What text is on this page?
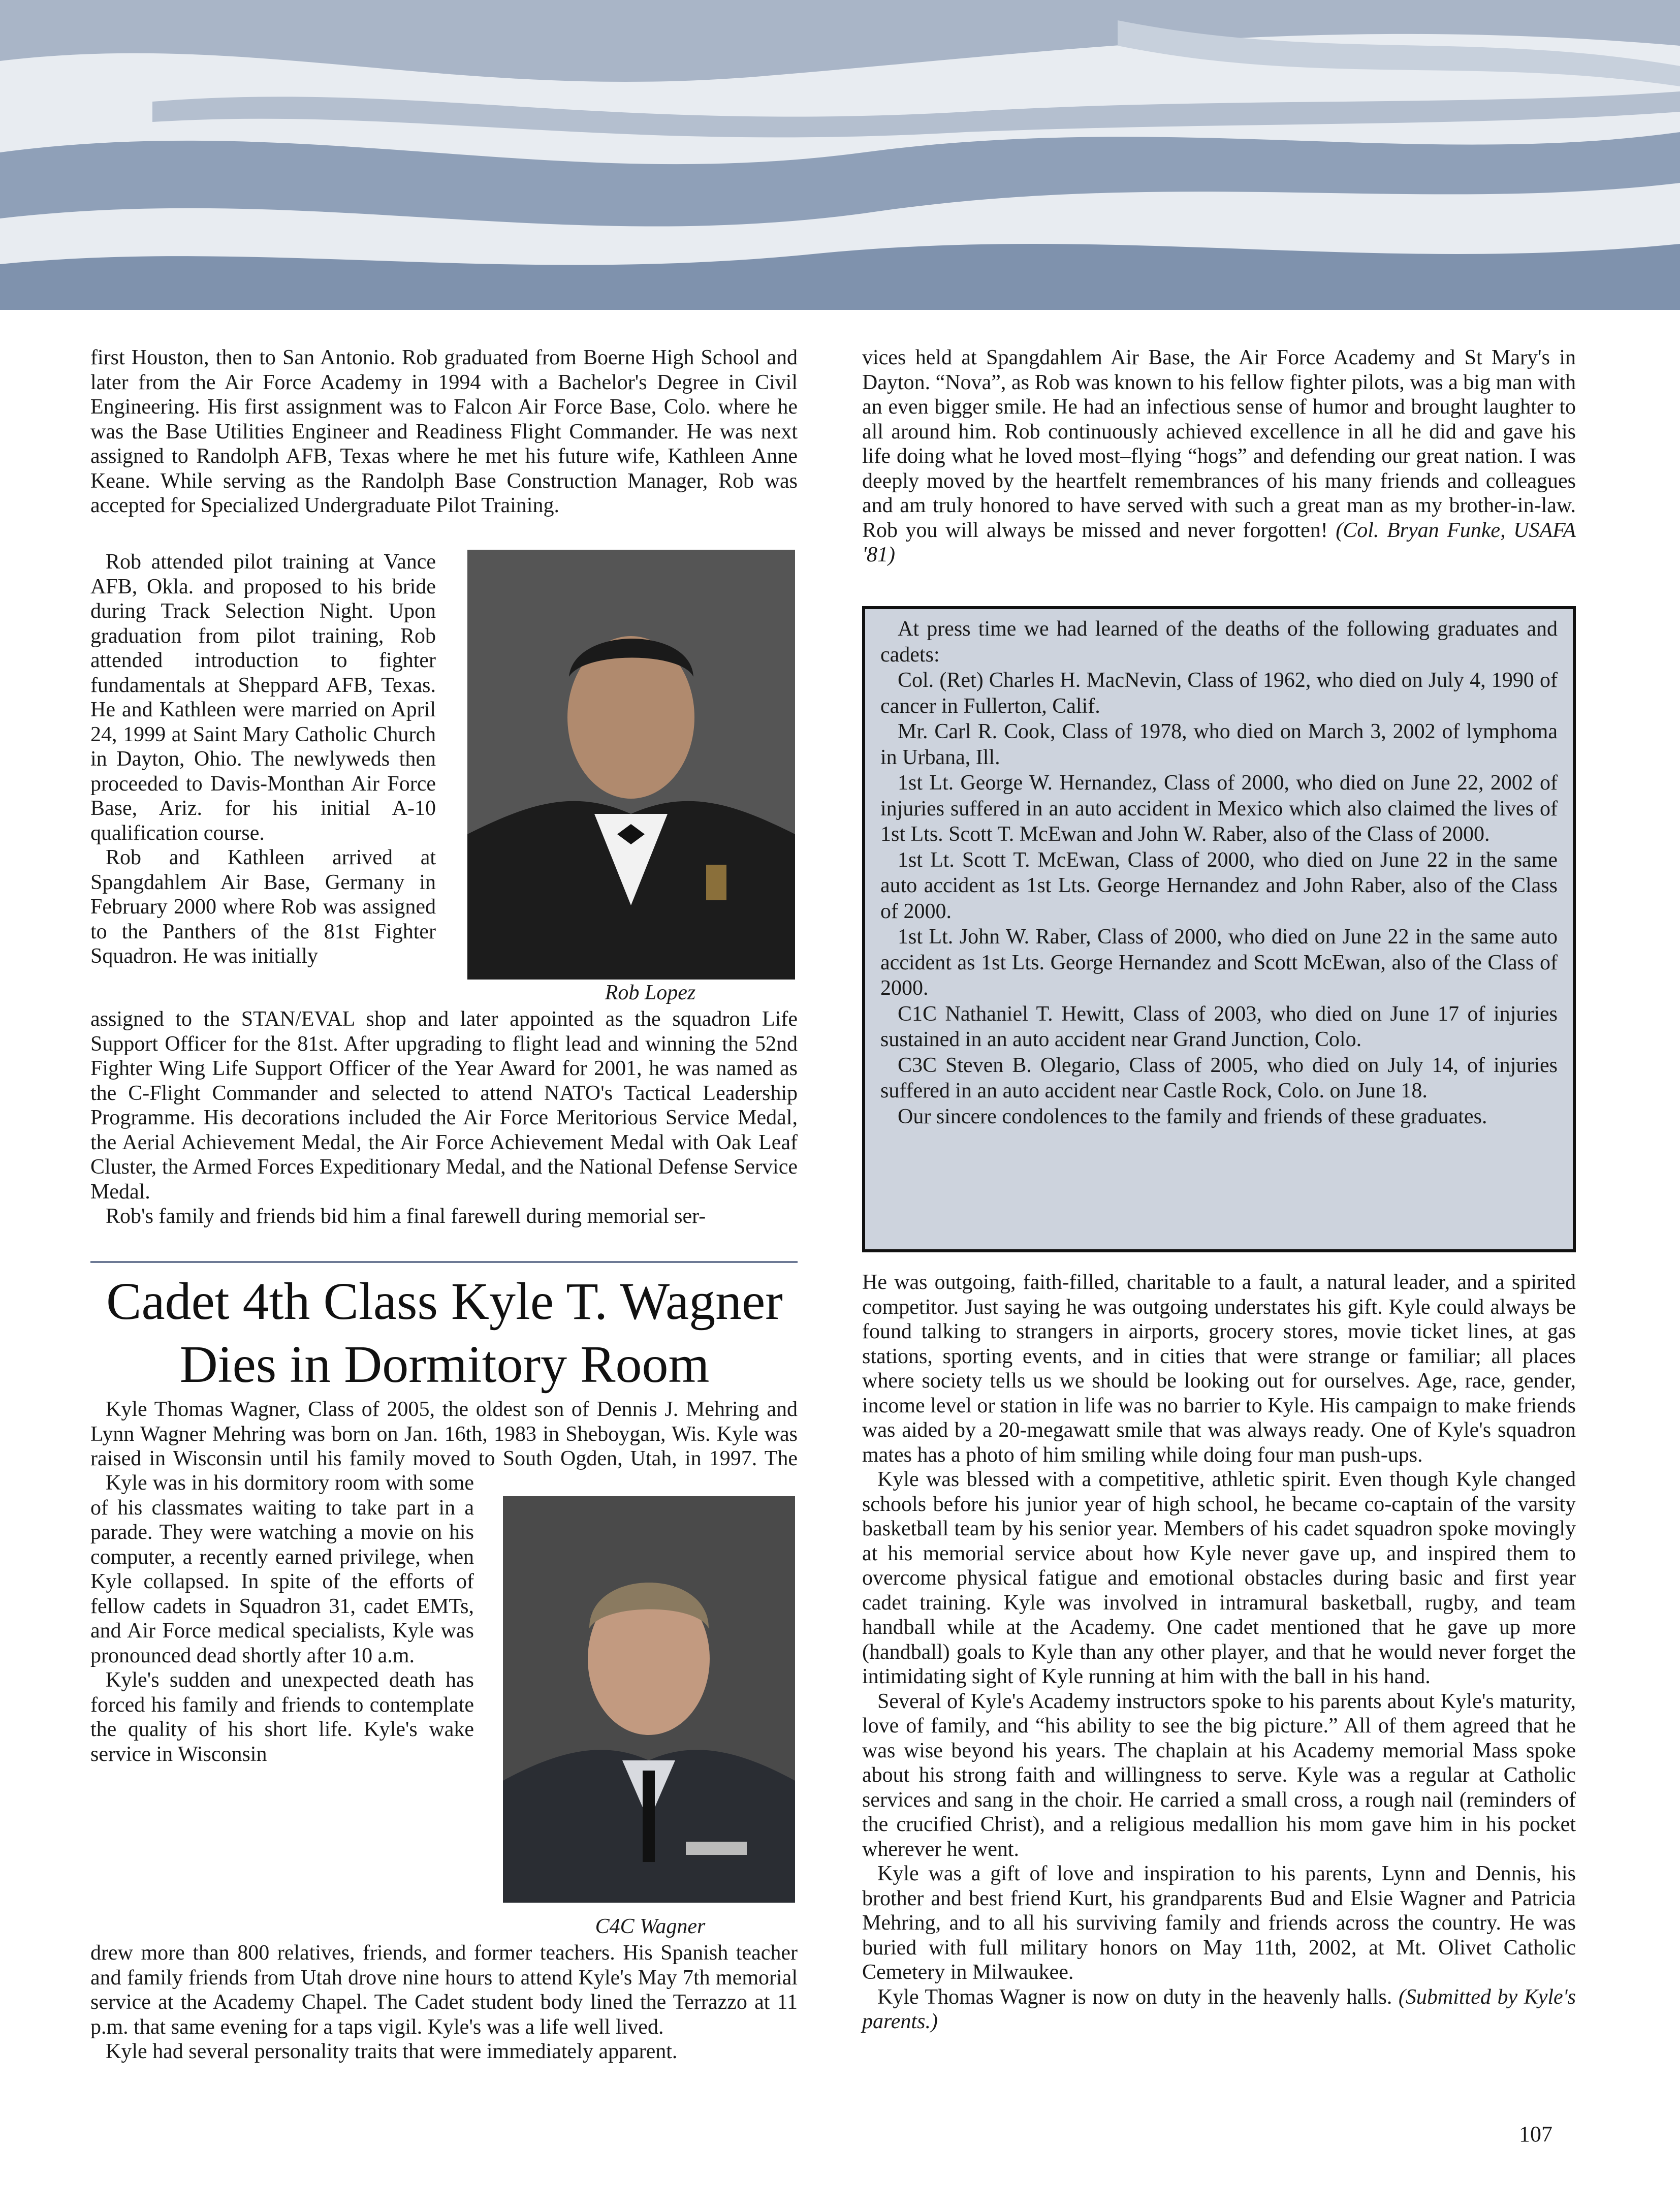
first Houston, then to San Antonio. Rob graduated from Boerne High School and later from the Air Force Academy in 1994 with a Bachelor's Degree in Civil Engineering. His first assignment was to Falcon Air Force Base, Colo. where he was the Base Utilities Engineer and Readiness Flight Commander. He was next assigned to Randolph AFB, Texas where he met his future wife, Kathleen Anne Keane. While serving as the Randolph Base Construction Manager, Rob was accepted for Specialized Undergraduate Pilot Training.

Rob attended pilot training at Vance AFB, Okla. and proposed to his bride during Track Selection Night. Upon graduation from pilot training, Rob attended introduction to fighter fundamentals at Sheppard AFB, Texas. He and Kathleen were married on April 24, 1999 at Saint Mary Catholic Church in Dayton, Ohio. The newlyweds then proceeded to Davis-Monthan Air Force Base, Ariz. for his initial A-10 qualification course.

Rob and Kathleen arrived at Spangdahlem Air Base, Germany in February 2000 where Rob was assigned to the Panthers of the 81st Fighter Squadron. He was initially

Rob Lopez

assigned to the STAN/EVAL shop and later appointed as the squadron Life Support Officer for the 81st. After upgrading to flight lead and winning the 52nd Fighter Wing Life Support Officer of the Year Award for 2001, he was named as the C-Flight Commander and selected to attend NATO's Tactical Leadership Programme. His decorations included the Air Force Meritorious Service Medal, the Aerial Achievement Medal, the Air Force Achievement Medal with Oak Leaf Cluster, the Armed Forces Expeditionary Medal, and the National Defense Service Medal.

Rob's family and friends bid him a final farewell during memorial ser-

vices held at Spangdahlem Air Base, the Air Force Academy and St Mary's in Dayton. “Nova”, as Rob was known to his fellow fighter pilots, was a big man with an even bigger smile. He had an infectious sense of humor and brought laughter to all around him. Rob continuously achieved excellence in all he did and gave his life doing what he loved most–flying “hogs” and defending our great nation. I was deeply moved by the heartfelt remembrances of his many friends and colleagues and am truly honored to have served with such a great man as my brother-in-law. Rob you will always be missed and never forgotten! (Col. Bryan Funke, USAFA '81)

At press time we had learned of the deaths of the following graduates and cadets:

Col. (Ret) Charles H. MacNevin, Class of 1962, who died on July 4, 1990 of cancer in Fullerton, Calif.

Mr. Carl R. Cook, Class of 1978, who died on March 3, 2002 of lymphoma in Urbana, Ill.

1st Lt. George W. Hernandez, Class of 2000, who died on June 22, 2002 of injuries suffered in an auto accident in Mexico which also claimed the lives of 1st Lts. Scott T. McEwan and John W. Raber, also of the Class of 2000.

1st Lt. Scott T. McEwan, Class of 2000, who died on June 22 in the same auto accident as 1st Lts. George Hernandez and John Raber, also of the Class of 2000.

1st Lt. John W. Raber, Class of 2000, who died on June 22 in the same auto accident as 1st Lts. George Hernandez and Scott McEwan, also of the Class of 2000.

C1C Nathaniel T. Hewitt, Class of 2003, who died on June 17 of injuries sustained in an auto accident near Grand Junction, Colo.

C3C Steven B. Olegario, Class of 2005, who died on July 14, of injuries suffered in an auto accident near Castle Rock, Colo. on June 18.

Our sincere condolences to the family and friends of these graduates.

Cadet 4th Class Kyle T. Wagner Dies in Dormitory Room

Kyle Thomas Wagner, Class of 2005, the oldest son of Dennis J. Mehring and Lynn Wagner Mehring was born on Jan. 16th, 1983 in Sheboygan, Wis. Kyle was raised in Wisconsin until his family moved to South Ogden, Utah, in 1997. The

Kyle was in his dormitory room with some of his classmates waiting to take part in a parade. They were watching a movie on his computer, a recently earned privilege, when Kyle collapsed. In spite of the efforts of fellow cadets in Squadron 31, cadet EMTs, and Air Force medical specialists, Kyle was pronounced dead shortly after 10 a.m.

Kyle's sudden and unexpected death has forced his family and friends to contemplate the quality of his short life. Kyle's wake service in Wisconsin

C4C Wagner

drew more than 800 relatives, friends, and former teachers. His Spanish teacher and family friends from Utah drove nine hours to attend Kyle's May 7th memorial service at the Academy Chapel. The Cadet student body lined the Terrazzo at 11 p.m. that same evening for a taps vigil. Kyle's was a life well lived.

Kyle had several personality traits that were immediately apparent.

He was outgoing, faith-filled, charitable to a fault, a natural leader, and a spirited competitor. Just saying he was outgoing understates his gift. Kyle could always be found talking to strangers in airports, grocery stores, movie ticket lines, at gas stations, sporting events, and in cities that were strange or familiar; all places where society tells us we should be looking out for ourselves. Age, race, gender, income level or station in life was no barrier to Kyle. His campaign to make friends was aided by a 20-megawatt smile that was always ready. One of Kyle's squadron mates has a photo of him smiling while doing four man push-ups.

Kyle was blessed with a competitive, athletic spirit. Even though Kyle changed schools before his junior year of high school, he became co-captain of the varsity basketball team by his senior year. Members of his cadet squadron spoke movingly at his memorial service about how Kyle never gave up, and inspired them to overcome physical fatigue and emotional obstacles during basic and first year cadet training. Kyle was involved in intramural basketball, rugby, and team handball while at the Academy. One cadet mentioned that he gave up more (handball) goals to Kyle than any other player, and that he would never forget the intimidating sight of Kyle running at him with the ball in his hand.

Several of Kyle's Academy instructors spoke to his parents about Kyle's maturity, love of family, and “his ability to see the big picture.” All of them agreed that he was wise beyond his years. The chaplain at his Academy memorial Mass spoke about his strong faith and willingness to serve. Kyle was a regular at Catholic services and sang in the choir. He carried a small cross, a rough nail (reminders of the crucified Christ), and a religious medallion his mom gave him in his pocket wherever he went.

Kyle was a gift of love and inspiration to his parents, Lynn and Dennis, his brother and best friend Kurt, his grandparents Bud and Elsie Wagner and Patricia Mehring, and to all his surviving family and friends across the country. He was buried with full military honors on May 11th, 2002, at Mt. Olivet Catholic Cemetery in Milwaukee.

Kyle Thomas Wagner is now on duty in the heavenly halls. (Submitted by Kyle's parents.)

107
